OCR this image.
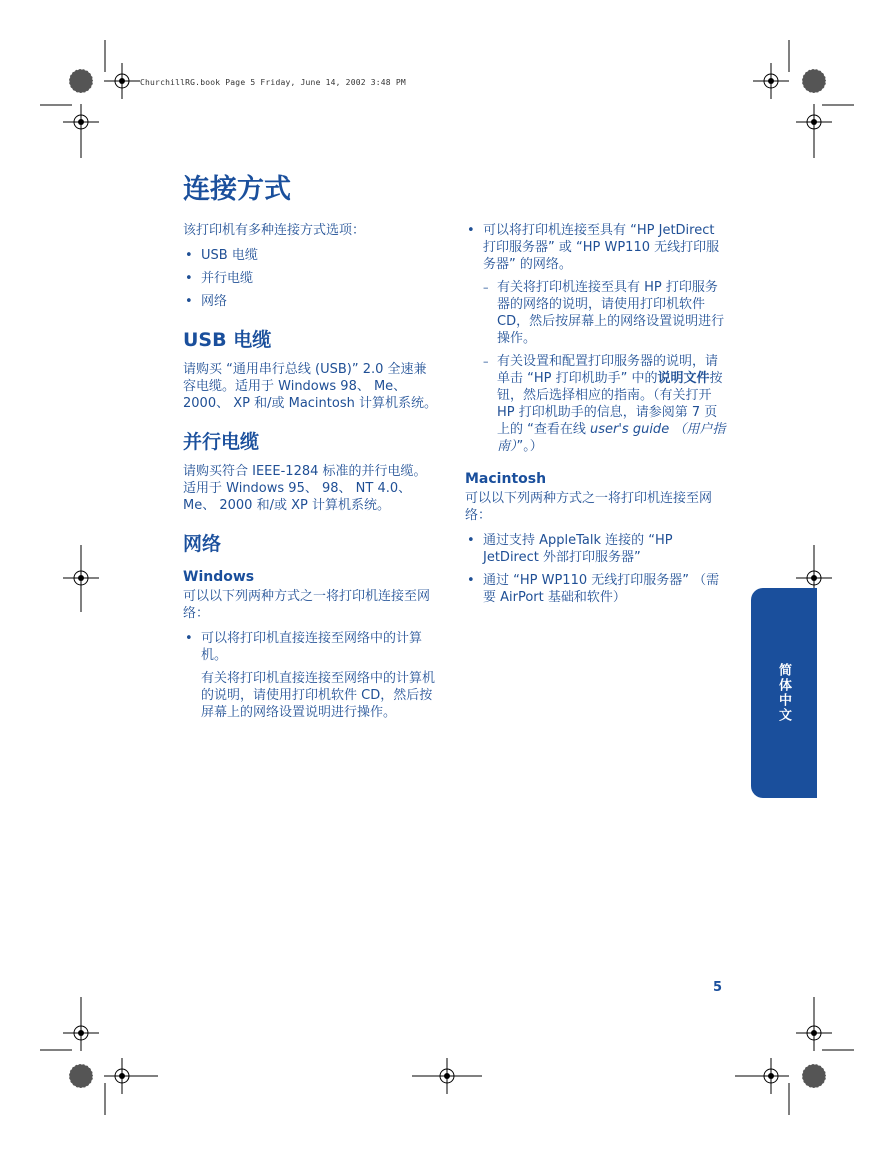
ChurchillRG.book Page 5 Friday, June 14, 2002 3:48 PM
连接方式

该打印机有多种连接方式选项：

• USB 电缆
• 并行电缆
• 网络
USB 电缆

请购买 “通用串行总线 (USB)” 2.0 全速兼容电缆。适用于 Windows 98、 Me、 2000、 XP 和/或 Macintosh 计算机系统。

并行电缆

请购买符合 IEEE-1284 标准的并行电缆。适用于 Windows 95、 98、 NT 4.0、 Me、 2000 和/或 XP 计算机系统。

网络
Windows

可以以下列两种方式之一将打印机连接至网络：

• 可以将打印机直接连接至网络中的计算机。
有关将打印机直接连接至网络中的计算机的说明，请使用打印机软件 CD，然后按屏幕上的网络设置说明进行操作。
• 可以将打印机连接至具有 “HP JetDirect 打印服务器” 或 “HP WP110 无线打印服务器” 的网络。
– 有关将打印机连接至具有 HP 打印服务器的网络的说明，请使用打印机软件 CD，然后按屏幕上的网络设置说明进行操作。
– 有关设置和配置打印服务器的说明，请单击 “HP 打印机助手” 中的说明文件按钮，然后选择相应的指南。（有关打开 HP 打印机助手的信息，请参阅第 7 页上的 “查看在线 user's guide （用户指南）”。）
Macintosh

可以以下列两种方式之一将打印机连接至网络：

• 通过支持 AppleTalk 连接的 “HP JetDirect 外部打印服务器”
• 通过 “HP WP110 无线打印服务器” （需要 AirPort 基础和软件）
简体中文
5
